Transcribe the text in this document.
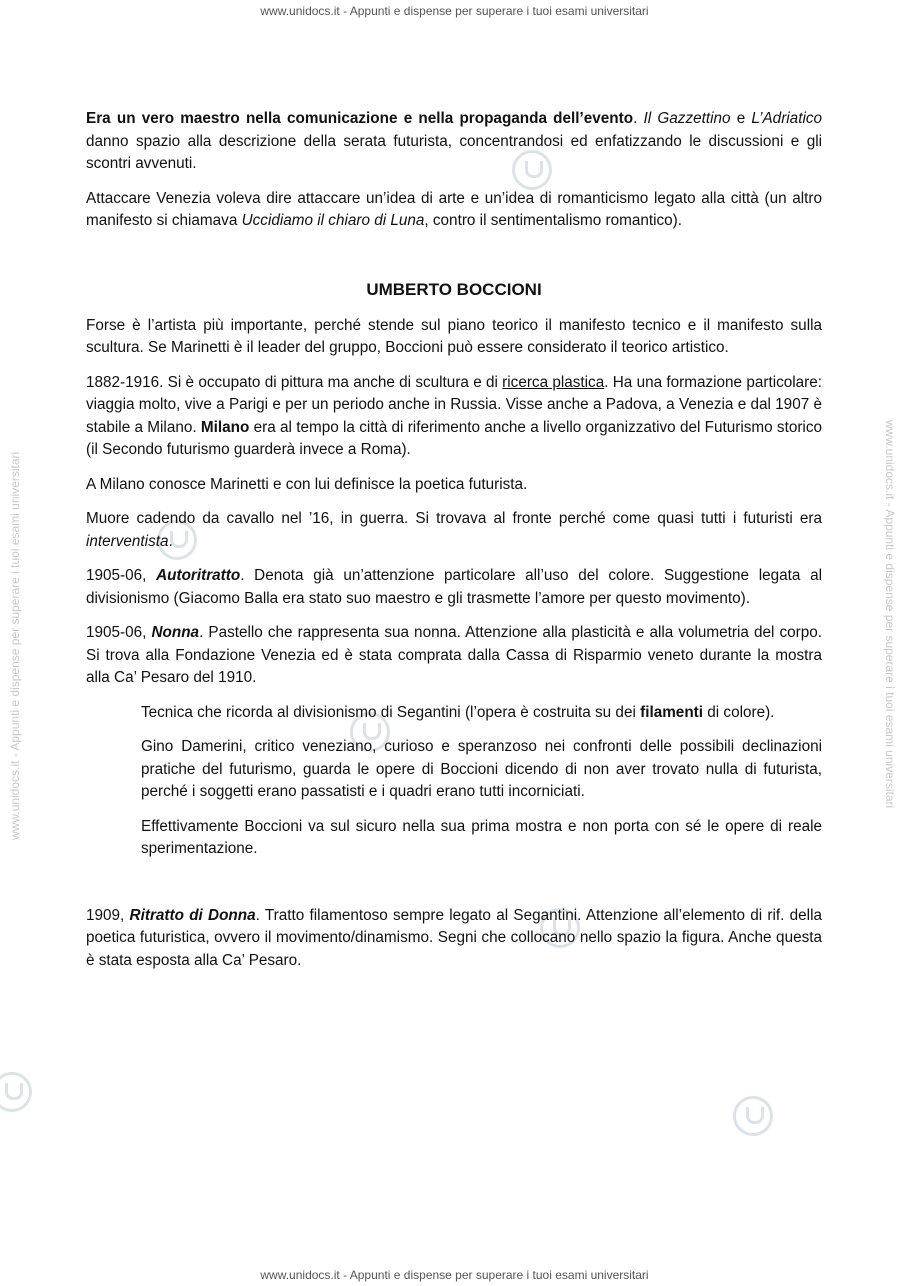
www.unidocs.it - Appunti e dispense per superare i tuoi esami universitari
www.unidocs.it - Appunti e dispense per superare i tuoi esami universitari	www.unidocs.it - Appunti e dispense per superare i tuoi esami universitari

Era un vero maestro nella comunicazione e nella propaganda dell’evento. Il Gazzettino e L’Adriatico danno spazio alla descrizione della serata futurista, concentrandosi ed enfatizzando le discussioni e gli scontri avvenuti.

Attaccare Venezia voleva dire attaccare un’idea di arte e un’idea di romanticismo legato alla città (un altro manifesto si chiamava Uccidiamo il chiaro di Luna, contro il sentimentalismo romantico).

UMBERTO BOCCIONI

Forse è l’artista più importante, perché stende sul piano teorico il manifesto tecnico e il manifesto sulla scultura. Se Marinetti è il leader del gruppo, Boccioni può essere considerato il teorico artistico.

1882-1916. Si è occupato di pittura ma anche di scultura e di ricerca plastica. Ha una formazione particolare: viaggia molto, vive a Parigi e per un periodo anche in Russia. Visse anche a Padova, a Venezia e dal 1907 è stabile a Milano. Milano era al tempo la città di riferimento anche a livello organizzativo del Futurismo storico (il Secondo futurismo guarderà invece a Roma).

A Milano conosce Marinetti e con lui definisce la poetica futurista.

Muore cadendo da cavallo nel ’16, in guerra. Si trovava al fronte perché come quasi tutti i futuristi era interventista.

1905-06, Autoritratto. Denota già un’attenzione particolare all’uso del colore. Suggestione legata al divisionismo (Giacomo Balla era stato suo maestro e gli trasmette l’amore per questo movimento).

1905-06, Nonna. Pastello che rappresenta sua nonna. Attenzione alla plasticità e alla volumetria del corpo. Si trova alla Fondazione Venezia ed è stata comprata dalla Cassa di Risparmio veneto durante la mostra alla Ca’ Pesaro del 1910.

Tecnica che ricorda al divisionismo di Segantini (l’opera è costruita su dei filamenti di colore).

Gino Damerini, critico veneziano, curioso e speranzoso nei confronti delle possibili declinazioni pratiche del futurismo, guarda le opere di Boccioni dicendo di non aver trovato nulla di futurista, perché i soggetti erano passatisti e i quadri erano tutti incorniciati.

Effettivamente Boccioni va sul sicuro nella sua prima mostra e non porta con sé le opere di reale sperimentazione.

1909, Ritratto di Donna. Tratto filamentoso sempre legato al Segantini. Attenzione all’elemento di rif. della poetica futuristica, ovvero il movimento/dinamismo. Segni che collocano nello spazio la figura. Anche questa è stata esposta alla Ca’ Pesaro.

www.unidocs.it - Appunti e dispense per superare i tuoi esami universitari
